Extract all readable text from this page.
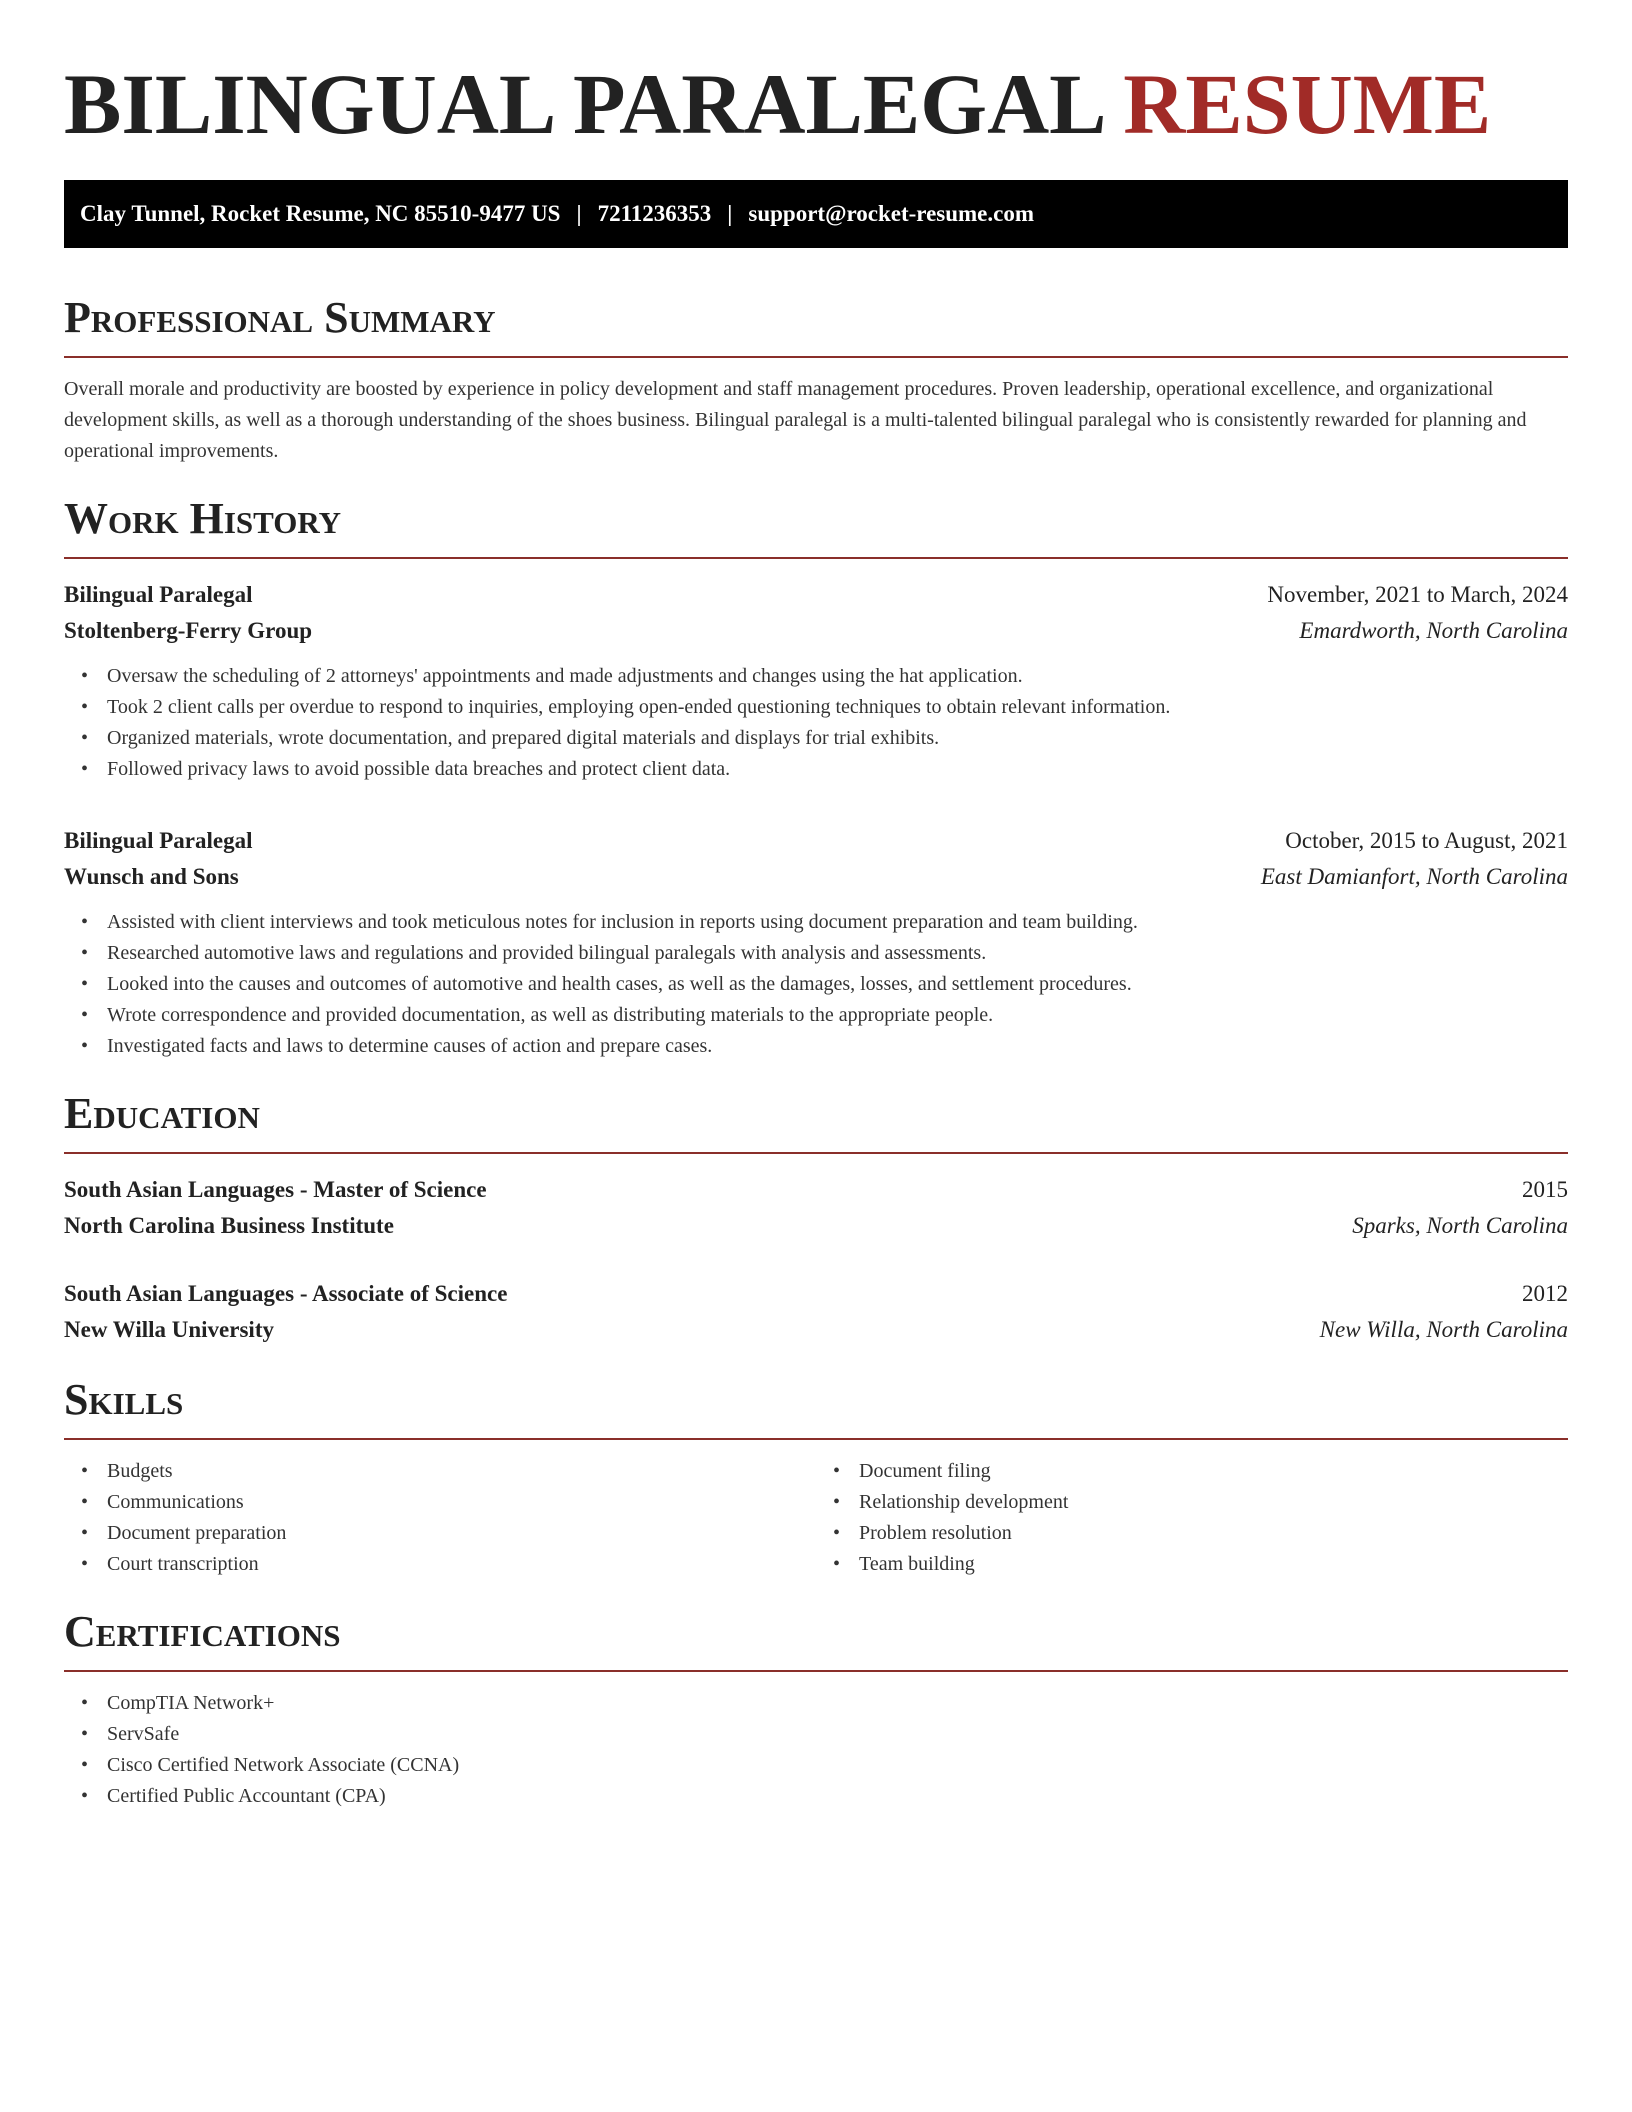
BILINGUAL PARALEGAL RESUME
Clay Tunnel, Rocket Resume, NC 85510-9477 US | 7211236353 | support@rocket-resume.com
Professional Summary

Overall morale and productivity are boosted by experience in policy development and staff management procedures. Proven leadership, operational excellence, and organizational development skills, as well as a thorough understanding of the shoes business. Bilingual paralegal is a multi-talented bilingual paralegal who is consistently rewarded for planning and operational improvements.

Work History
Bilingual Paralegal	November, 2021 to March, 2024
Stoltenberg-Ferry Group	Emardworth, North Carolina
• Oversaw the scheduling of 2 attorneys' appointments and made adjustments and changes using the hat application.
• Took 2 client calls per overdue to respond to inquiries, employing open-ended questioning techniques to obtain relevant information.
• Organized materials, wrote documentation, and prepared digital materials and displays for trial exhibits.
• Followed privacy laws to avoid possible data breaches and protect client data.
Bilingual Paralegal	October, 2015 to August, 2021
Wunsch and Sons	East Damianfort, North Carolina
• Assisted with client interviews and took meticulous notes for inclusion in reports using document preparation and team building.
• Researched automotive laws and regulations and provided bilingual paralegals with analysis and assessments.
• Looked into the causes and outcomes of automotive and health cases, as well as the damages, losses, and settlement procedures.
• Wrote correspondence and provided documentation, as well as distributing materials to the appropriate people.
• Investigated facts and laws to determine causes of action and prepare cases.
Education
South Asian Languages - Master of Science	2015
North Carolina Business Institute	Sparks, North Carolina
South Asian Languages - Associate of Science	2012
New Willa University	New Willa, North Carolina
Skills
• Budgets
• Communications
• Document preparation
• Court transcription
• Document filing
• Relationship development
• Problem resolution
• Team building
Certifications
• CompTIA Network+
• ServSafe
• Cisco Certified Network Associate (CCNA)
• Certified Public Accountant (CPA)
